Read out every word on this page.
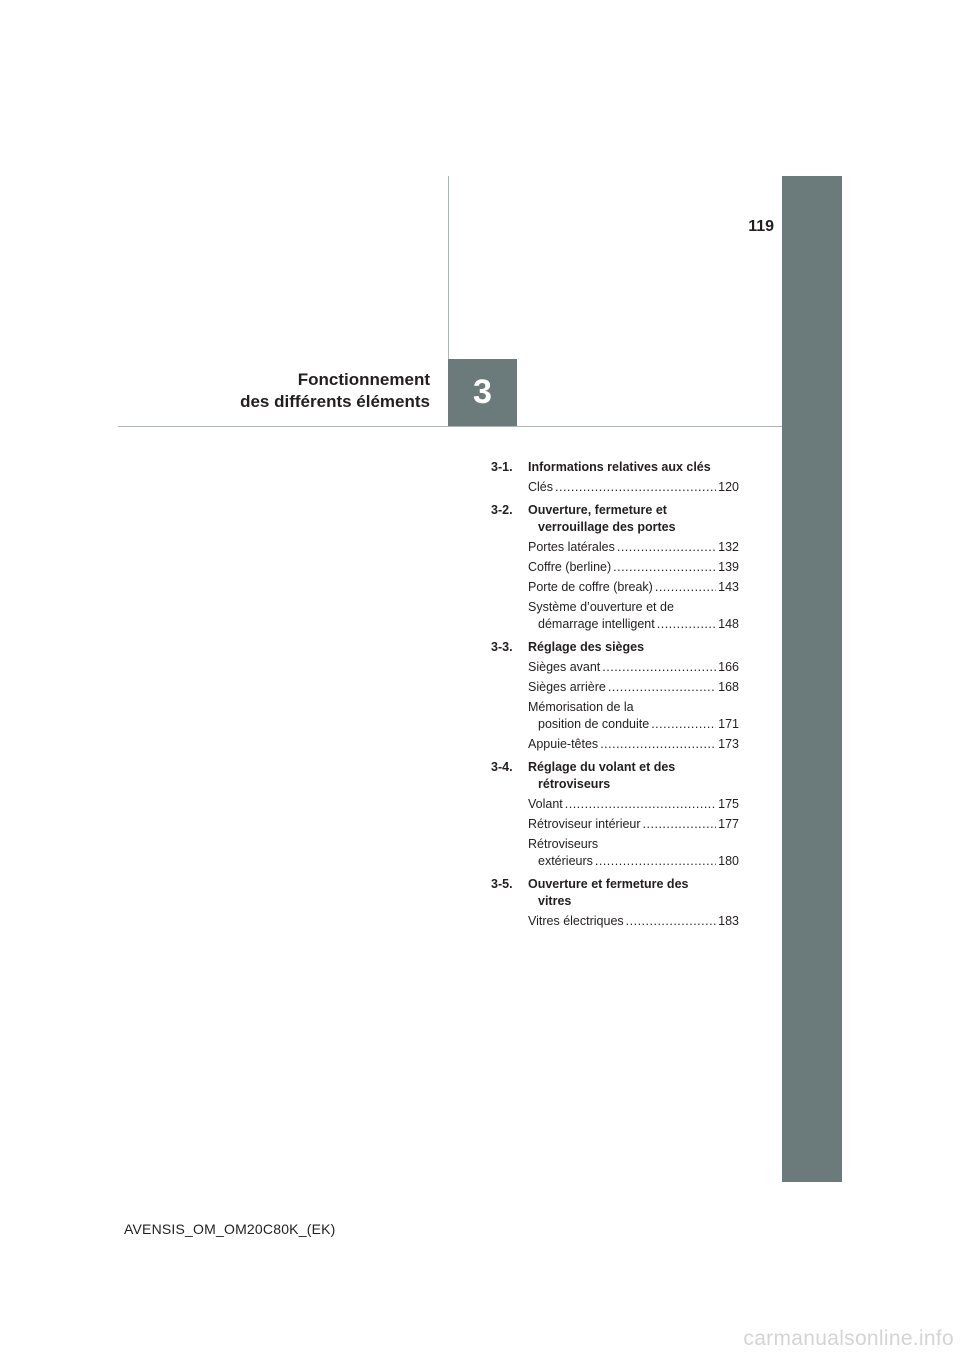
119
Fonctionnement
des différents éléments 3
3-1.	Informations relatives aux clés
Clés .....	120
3-2.	Ouverture, fermeture et
verrouillage des portes
Portes latérales .....	132
Coffre (berline) .....	139
Porte de coffre (break) .....	143
Système d’ouverture et de
démarrage intelligent .....	148
3-3.	Réglage des sièges
Sièges avant .....	166
Sièges arrière .....	168
Mémorisation de la
position de conduite .....	171
Appuie-têtes .....	173
3-4.	Réglage du volant et des
rétroviseurs
Volant .....	175
Rétroviseur intérieur .....	177
Rétroviseurs
extérieurs .....	180
3-5.	Ouverture et fermeture des
vitres
Vitres électriques .....	183
AVENSIS_OM_OM20C80K_(EK)
carmanualsonline.info
